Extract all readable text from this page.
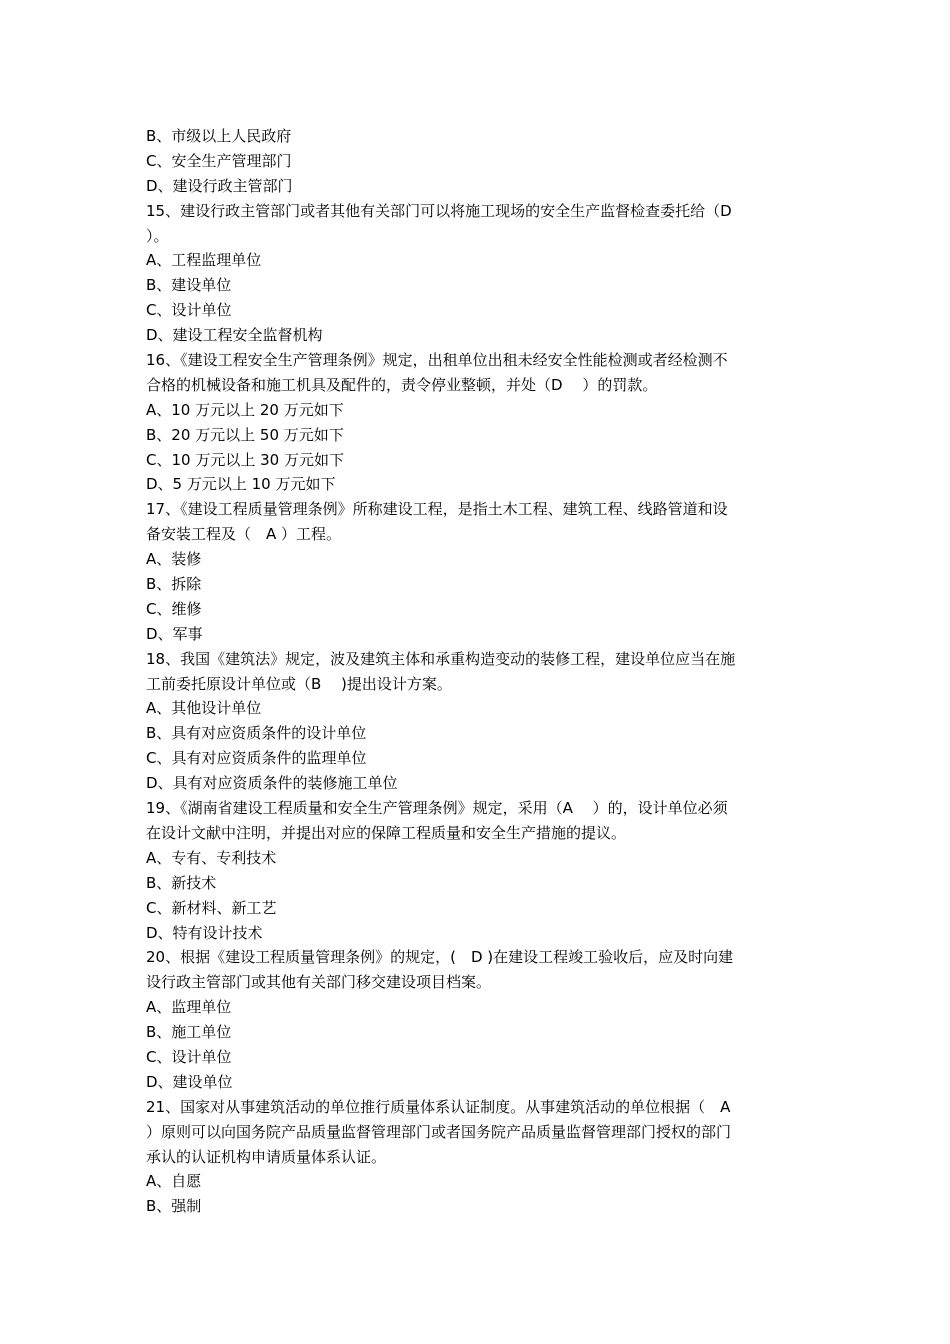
B、市级以上人民政府
C、安全生产管理部门
D、建设行政主管部门
15、建设行政主管部门或者其他有关部门可以将施工现场的安全生产监督检查委托给（D
）。
A、工程监理单位
B、建设单位
C、设计单位
D、建设工程安全监督机构
16、《建设工程安全生产管理条例》规定，出租单位出租未经安全性能检测或者经检测不
合格的机械设备和施工机具及配件的，责令停业整顿，并处（D　 ）的罚款。
A、10 万元以上 20 万元如下
B、20 万元以上 50 万元如下
C、10 万元以上 30 万元如下
D、5 万元以上 10 万元如下
17、《建设工程质量管理条例》所称建设工程，是指土木工程、建筑工程、线路管道和设
备安装工程及（　A ）工程。
A、装修
B、拆除
C、维修
D、军事
18、我国《建筑法》规定，波及建筑主体和承重构造变动的装修工程，建设单位应当在施
工前委托原设计单位或（B　 )提出设计方案。
A、其他设计单位
B、具有对应资质条件的设计单位
C、具有对应资质条件的监理单位
D、具有对应资质条件的装修施工单位
19、《湖南省建设工程质量和安全生产管理条例》规定，采用（A　 ）的，设计单位必须
在设计文献中注明，并提出对应的保障工程质量和安全生产措施的提议。
A、专有、专利技术
B、新技术
C、新材料、新工艺
D、特有设计技术
20、根据《建设工程质量管理条例》的规定，(　D )在建设工程竣工验收后，应及时向建
设行政主管部门或其他有关部门移交建设项目档案。
A、监理单位
B、施工单位
C、设计单位
D、建设单位
21、国家对从事建筑活动的单位推行质量体系认证制度。从事建筑活动的单位根据（　A
）原则可以向国务院产品质量监督管理部门或者国务院产品质量监督管理部门授权的部门
承认的认证机构申请质量体系认证。
A、自愿
B、强制
